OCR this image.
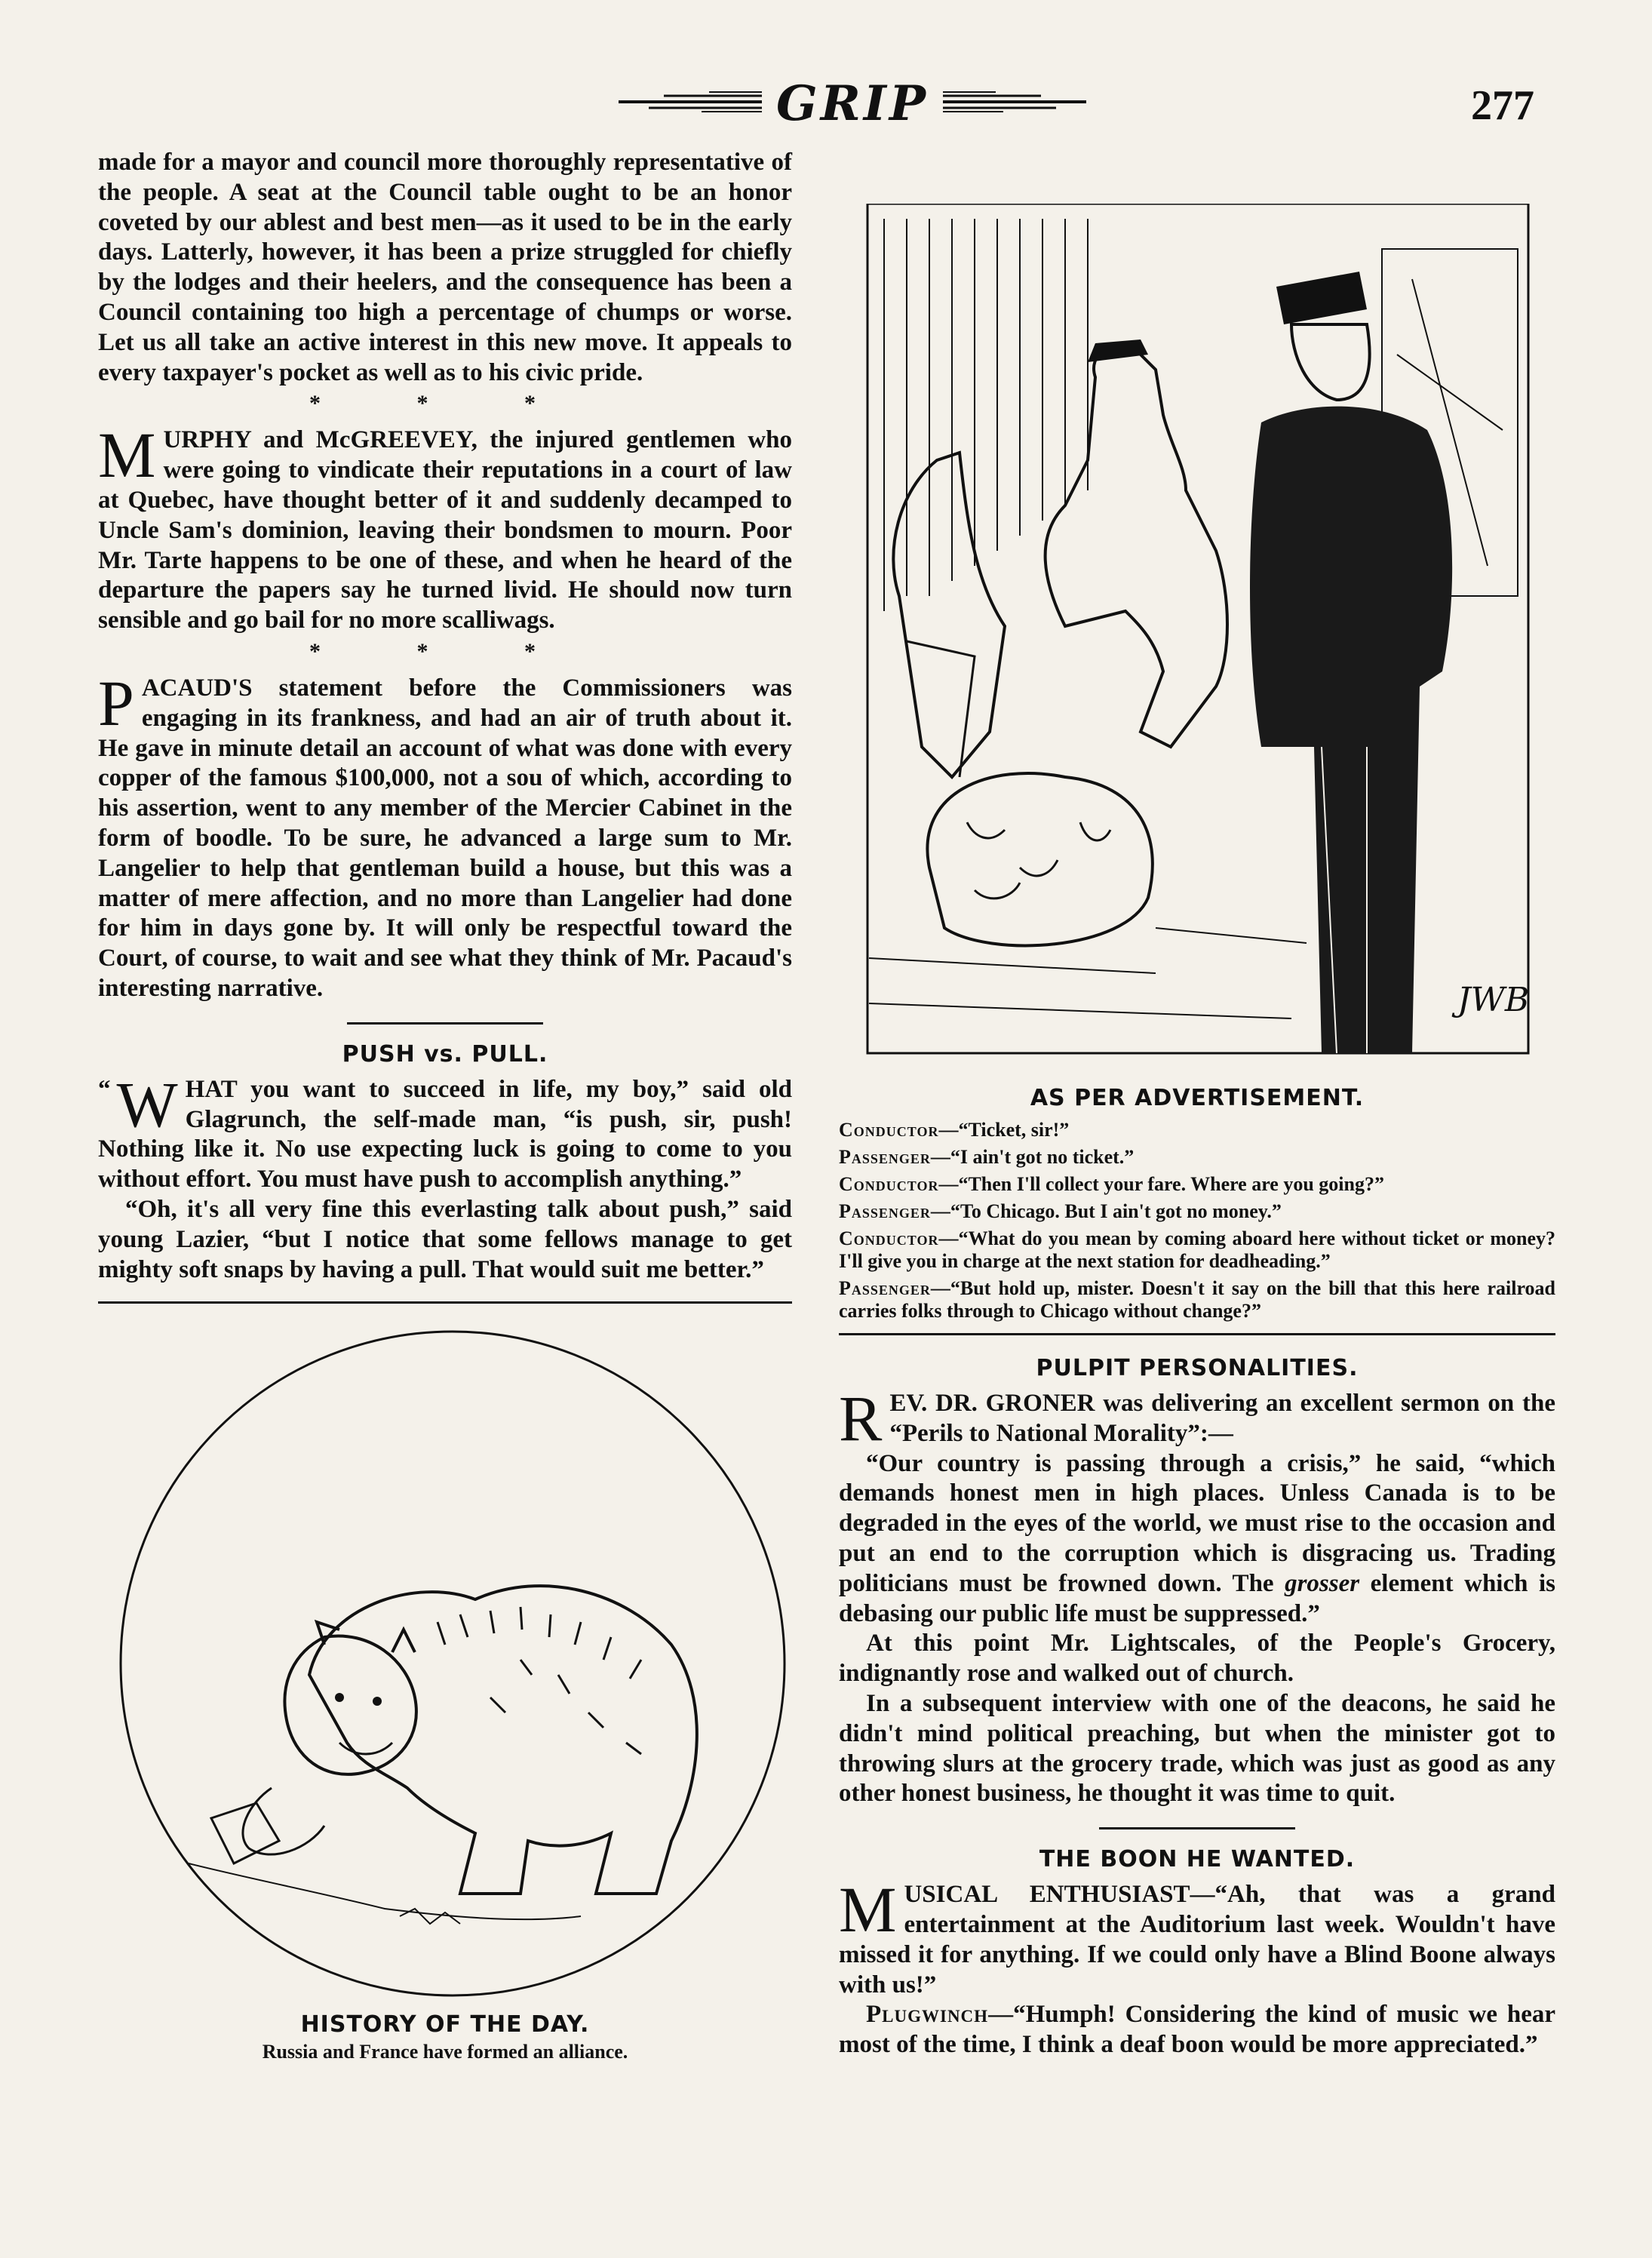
GRIP	277

made for a mayor and council more thoroughly representative of the people. A seat at the Council table ought to be an honor coveted by our ablest and best men—as it used to be in the early days. Latterly, however, it has been a prize struggled for chiefly by the lodges and their heelers, and the consequence has been a Council containing too high a percentage of chumps or worse. Let us all take an active interest in this new move. It appeals to every taxpayer's pocket as well as to his civic pride.

* * *

MURPHY and McGREEVEY, the injured gentlemen who were going to vindicate their reputations in a court of law at Quebec, have thought better of it and suddenly decamped to Uncle Sam's dominion, leaving their bondsmen to mourn. Poor Mr. Tarte happens to be one of these, and when he heard of the departure the papers say he turned livid. He should now turn sensible and go bail for no more scalliwags.

* * *

PACAUD'S statement before the Commissioners was engaging in its frankness, and had an air of truth about it. He gave in minute detail an account of what was done with every copper of the famous $100,000, not a sou of which, according to his assertion, went to any member of the Mercier Cabinet in the form of boodle. To be sure, he advanced a large sum to Mr. Langelier to help that gentleman build a house, but this was a matter of mere affection, and no more than Langelier had done for him in days gone by. It will only be respectful toward the Court, of course, to wait and see what they think of Mr. Pacaud's interesting narrative.

PUSH vs. PULL.

“ W HAT you want to succeed in life, my boy,” said old Glagrunch, the self-made man, “is push, sir, push! Nothing like it. No use expecting luck is going to come to you without effort. You must have push to accomplish anything.”

“Oh, it's all very fine this everlasting talk about push,” said young Lazier, “but I notice that some fellows manage to get mighty soft snaps by having a pull. That would suit me better.”

HISTORY OF THE DAY.
Russia and France have formed an alliance.
JWB
AS PER ADVERTISEMENT.

Conductor—“Ticket, sir!”

Passenger—“I ain't got no ticket.”

Conductor—“Then I'll collect your fare. Where are you going?”

Passenger—“To Chicago. But I ain't got no money.”

Conductor—“What do you mean by coming aboard here without ticket or money? I'll give you in charge at the next station for deadheading.”

Passenger—“But hold up, mister. Doesn't it say on the bill that this here railroad carries folks through to Chicago without change?”

PULPIT PERSONALITIES.

REV. DR. GRONER was delivering an excellent sermon on the “Perils to National Morality”:—

“Our country is passing through a crisis,” he said, “which demands honest men in high places. Unless Canada is to be degraded in the eyes of the world, we must rise to the occasion and put an end to the corruption which is disgracing us. Trading politicians must be frowned down. The grosser element which is debasing our public life must be suppressed.”

At this point Mr. Lightscales, of the People's Grocery, indignantly rose and walked out of church.

In a subsequent interview with one of the deacons, he said he didn't mind political preaching, but when the minister got to throwing slurs at the grocery trade, which was just as good as any other honest business, he thought it was time to quit.

THE BOON HE WANTED.

MUSICAL ENTHUSIAST—“Ah, that was a grand entertainment at the Auditorium last week. Wouldn't have missed it for anything. If we could only have a Blind Boone always with us!”

Plugwinch—“Humph! Considering the kind of music we hear most of the time, I think a deaf boon would be more appreciated.”
